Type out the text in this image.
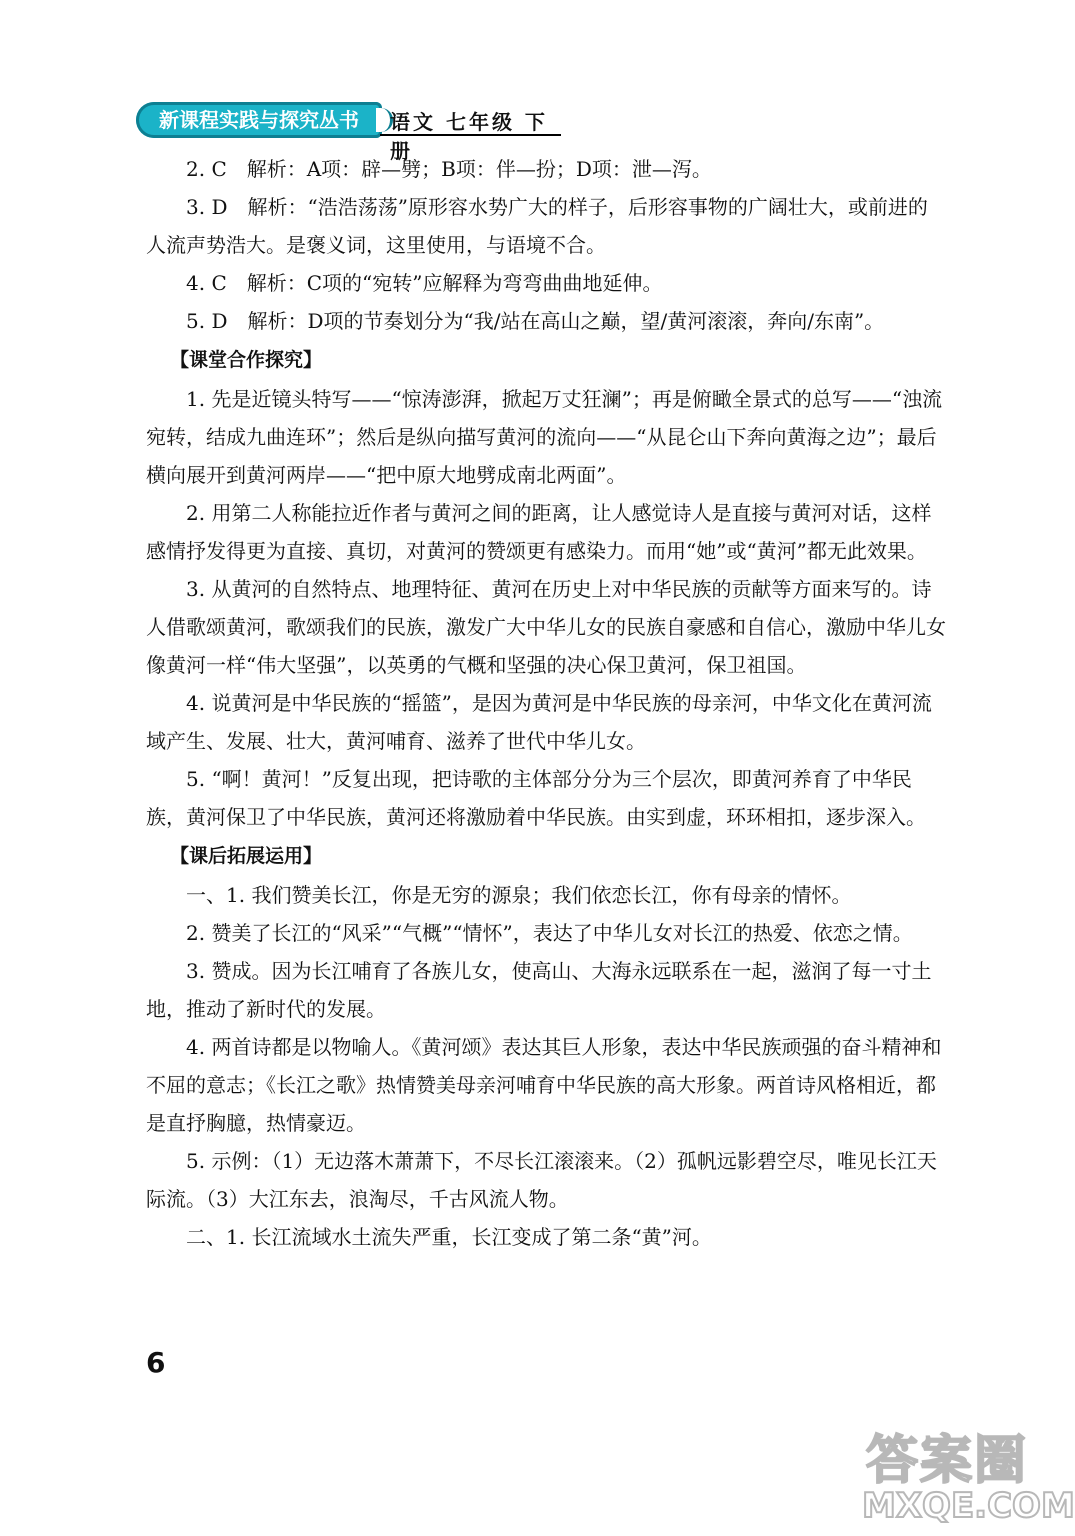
新课程实践与探究丛书	语文 七年级 下册

2. C　解析：A项：辟—劈；B项：伴—扮；D项：泄—泻。

3. D　解析：“浩浩荡荡”原形容水势广大的样子，后形容事物的广阔壮大，或前进的人流声势浩大。是褒义词，这里使用，与语境不合。

4. C　解析：C项的“宛转”应解释为弯弯曲曲地延伸。

5. D　解析：D项的节奏划分为“我/站在高山之巅，望/黄河滚滚，奔向/东南”。

【课堂合作探究】

1. 先是近镜头特写——“惊涛澎湃，掀起万丈狂澜”；再是俯瞰全景式的总写——“浊流宛转，结成九曲连环”；然后是纵向描写黄河的流向——“从昆仑山下奔向黄海之边”；最后横向展开到黄河两岸——“把中原大地劈成南北两面”。

2. 用第二人称能拉近作者与黄河之间的距离，让人感觉诗人是直接与黄河对话，这样感情抒发得更为直接、真切，对黄河的赞颂更有感染力。而用“她”或“黄河”都无此效果。

3. 从黄河的自然特点、地理特征、黄河在历史上对中华民族的贡献等方面来写的。诗人借歌颂黄河，歌颂我们的民族，激发广大中华儿女的民族自豪感和自信心，激励中华儿女像黄河一样“伟大坚强”，以英勇的气概和坚强的决心保卫黄河，保卫祖国。

4. 说黄河是中华民族的“摇篮”，是因为黄河是中华民族的母亲河，中华文化在黄河流域产生、发展、壮大，黄河哺育、滋养了世代中华儿女。

5. “啊！黄河！”反复出现，把诗歌的主体部分分为三个层次，即黄河养育了中华民族，黄河保卫了中华民族，黄河还将激励着中华民族。由实到虚，环环相扣，逐步深入。

【课后拓展运用】

一、1. 我们赞美长江，你是无穷的源泉；我们依恋长江，你有母亲的情怀。

2. 赞美了长江的“风采”“气概”“情怀”，表达了中华儿女对长江的热爱、依恋之情。

3. 赞成。因为长江哺育了各族儿女，使高山、大海永远联系在一起，滋润了每一寸土地，推动了新时代的发展。

4. 两首诗都是以物喻人。《黄河颂》表达其巨人形象，表达中华民族顽强的奋斗精神和不屈的意志；《长江之歌》热情赞美母亲河哺育中华民族的高大形象。两首诗风格相近，都是直抒胸臆，热情豪迈。

5. 示例：（1）无边落木萧萧下，不尽长江滚滚来。（2）孤帆远影碧空尽，唯见长江天际流。（3）大江东去，浪淘尽，千古风流人物。

二、1. 长江流域水土流失严重，长江变成了第二条“黄”河。

6
答案圈
MXQE.COM
